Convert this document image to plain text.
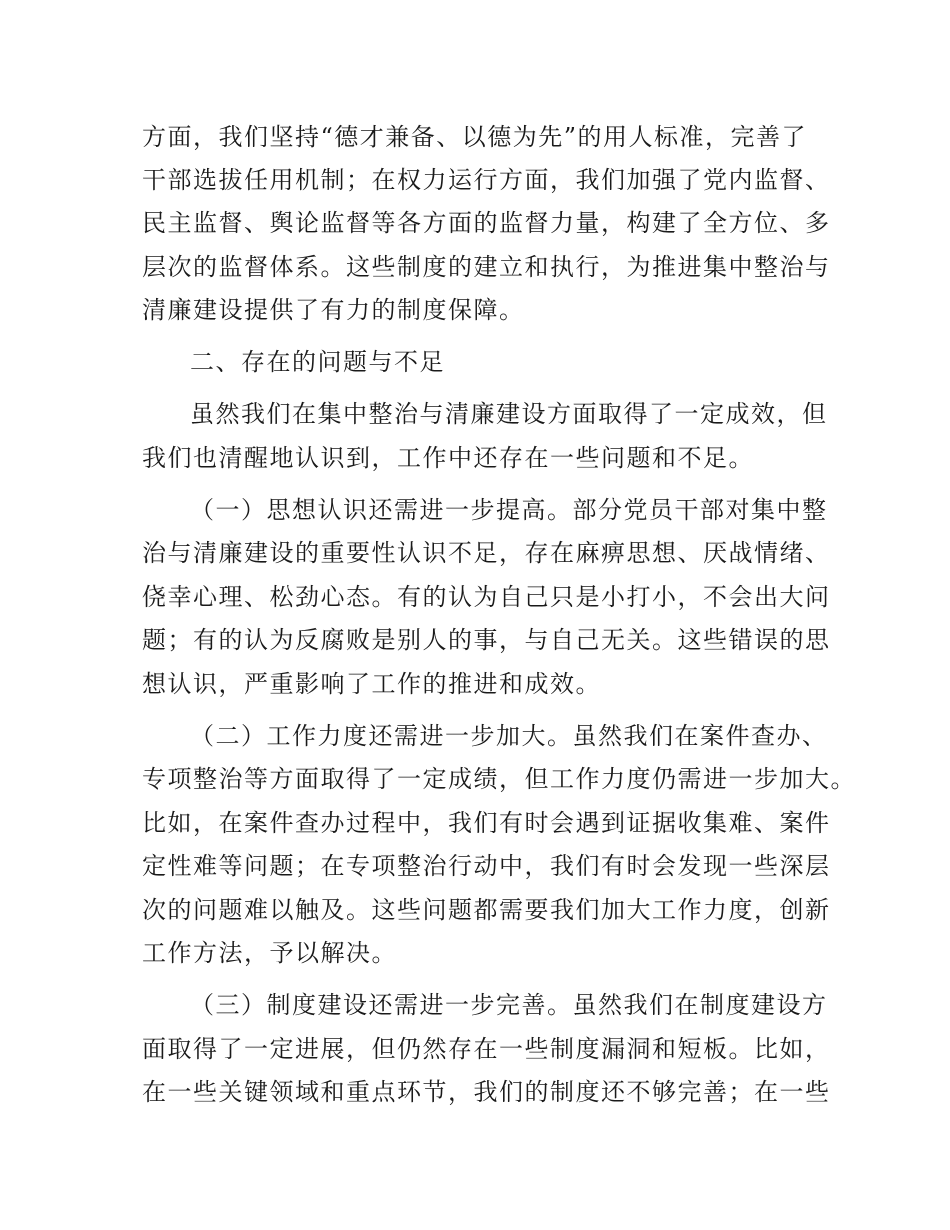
方面，我们坚持“德才兼备、以德为先”的用人标准，完善了
干部选拔任用机制；在权力运行方面，我们加强了党内监督、
民主监督、舆论监督等各方面的监督力量，构建了全方位、多
层次的监督体系。这些制度的建立和执行，为推进集中整治与
清廉建设提供了有力的制度保障。
二、存在的问题与不足
虽然我们在集中整治与清廉建设方面取得了一定成效，但
我们也清醒地认识到，工作中还存在一些问题和不足。
（一）思想认识还需进一步提高。部分党员干部对集中整
治与清廉建设的重要性认识不足，存在麻痹思想、厌战情绪、
侥幸心理、松劲心态。有的认为自己只是小打小，不会出大问
题；有的认为反腐败是别人的事，与自己无关。这些错误的思
想认识，严重影响了工作的推进和成效。
（二）工作力度还需进一步加大。虽然我们在案件查办、
专项整治等方面取得了一定成绩，但工作力度仍需进一步加大。
比如，在案件查办过程中，我们有时会遇到证据收集难、案件
定性难等问题；在专项整治行动中，我们有时会发现一些深层
次的问题难以触及。这些问题都需要我们加大工作力度，创新
工作方法，予以解决。
（三）制度建设还需进一步完善。虽然我们在制度建设方
面取得了一定进展，但仍然存在一些制度漏洞和短板。比如，
在一些关键领域和重点环节，我们的制度还不够完善；在一些
